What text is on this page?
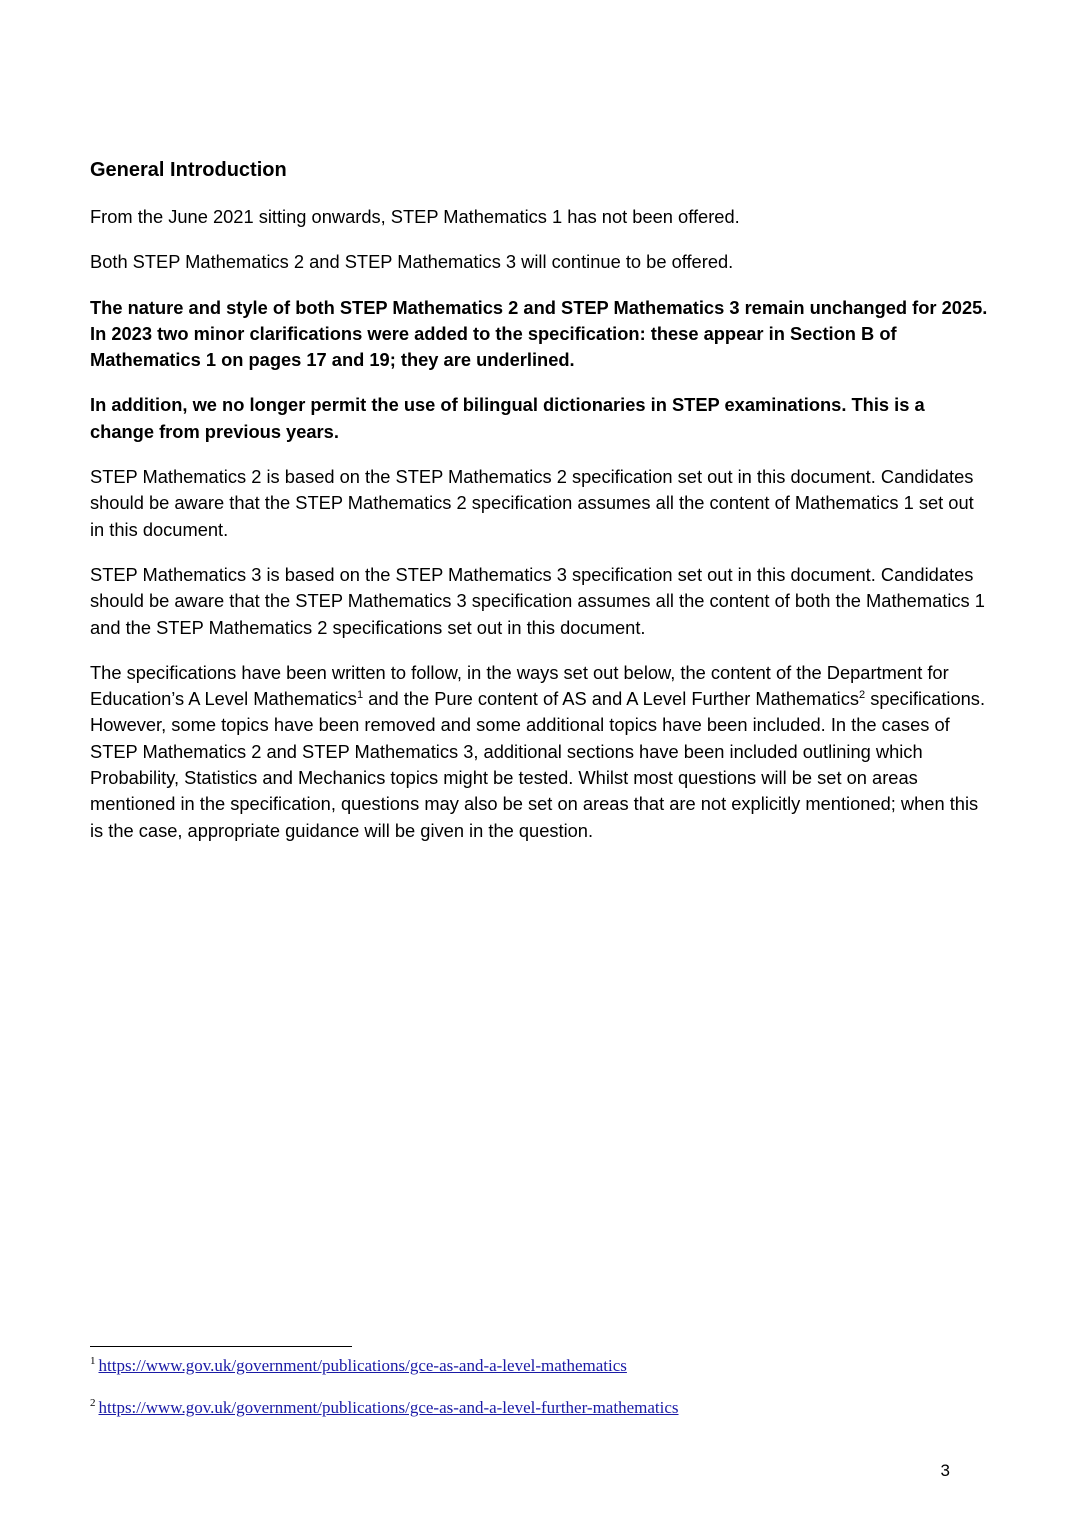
General Introduction

From the June 2021 sitting onwards, STEP Mathematics 1 has not been offered.

Both STEP Mathematics 2 and STEP Mathematics 3 will continue to be offered.

The nature and style of both STEP Mathematics 2 and STEP Mathematics 3 remain unchanged for 2025. In 2023 two minor clarifications were added to the specification: these appear in Section B of Mathematics 1 on pages 17 and 19; they are underlined.

In addition, we no longer permit the use of bilingual dictionaries in STEP examinations. This is a change from previous years.

STEP Mathematics 2 is based on the STEP Mathematics 2 specification set out in this document. Candidates should be aware that the STEP Mathematics 2 specification assumes all the content of Mathematics 1 set out in this document.

STEP Mathematics 3 is based on the STEP Mathematics 3 specification set out in this document. Candidates should be aware that the STEP Mathematics 3 specification assumes all the content of both the Mathematics 1 and the STEP Mathematics 2 specifications set out in this document.

The specifications have been written to follow, in the ways set out below, the content of the Department for Education’s A Level Mathematics$^1$ and the Pure content of AS and A Level Further Mathematics$^2$ specifications. However, some topics have been removed and some additional topics have been included. In the cases of STEP Mathematics 2 and STEP Mathematics 3, additional sections have been included outlining which Probability, Statistics and Mechanics topics might be tested. Whilst most questions will be set on areas mentioned in the specification, questions may also be set on areas that are not explicitly mentioned; when this is the case, appropriate guidance will be given in the question.

$^1$ https://www.gov.uk/government/publications/gce-as-and-a-level-mathematics
$^2$ https://www.gov.uk/government/publications/gce-as-and-a-level-further-mathematics
3
